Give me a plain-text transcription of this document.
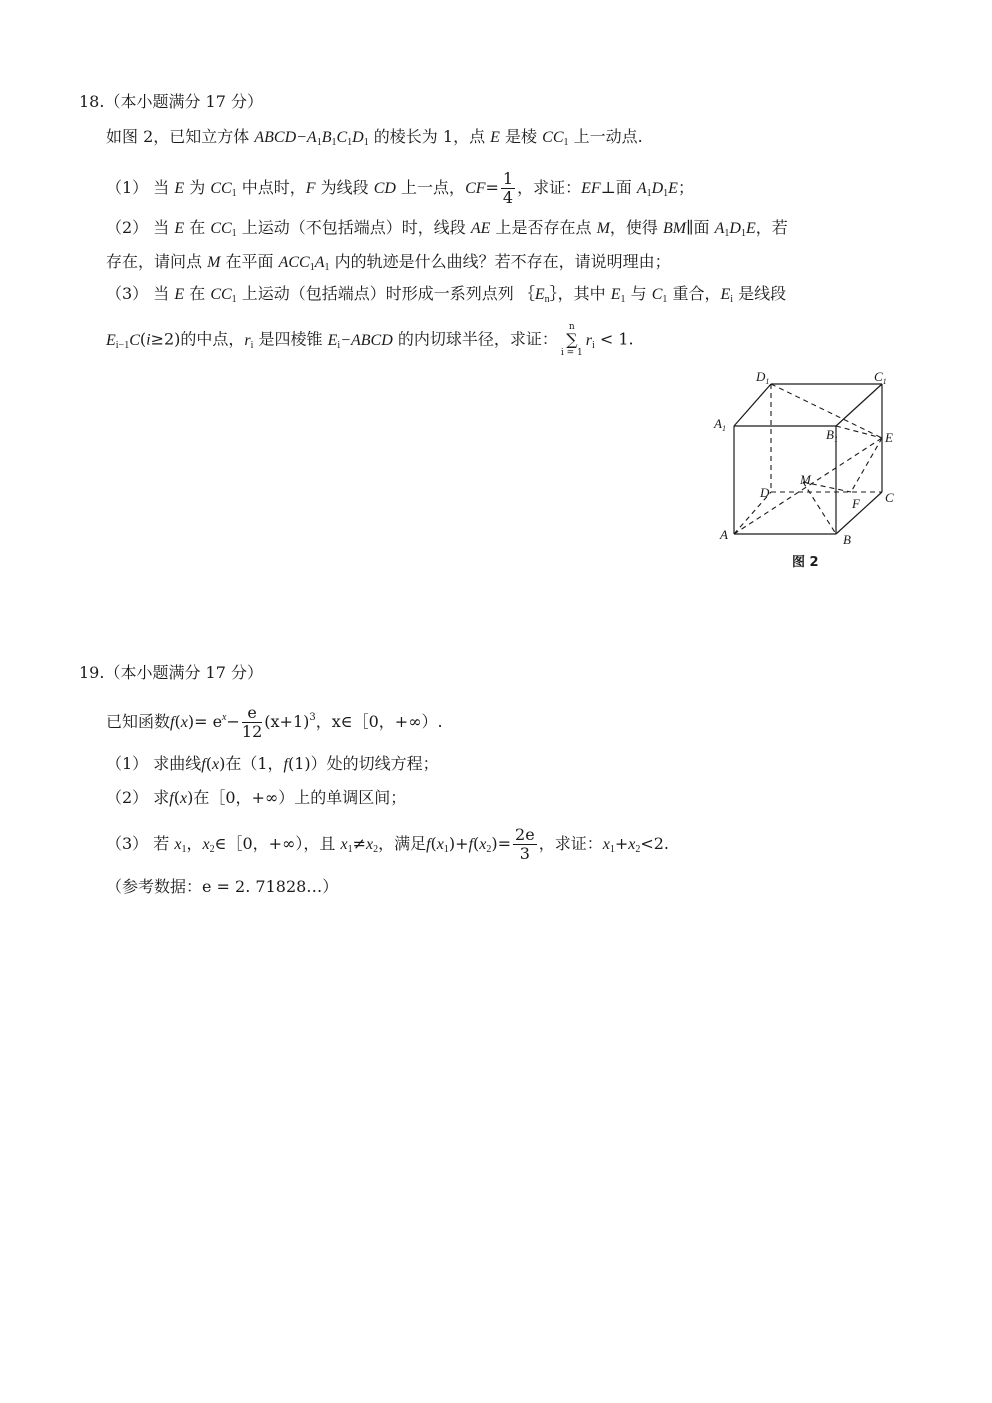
18.（本小题满分 17 分）
如图 2，已知立方体 $ABCD-A_1B_1C_1D_1$ 的棱长为 1，点 E 是棱 $CC_1$ 上一动点.
（1） 当 E 为 $CC_1$ 中点时，F 为线段 CD 上一点，$CF= \frac{1}{4}$ ，求证：EF⊥面 $A_1D_1E$；
（2） 当 E 在 $CC_1$ 上运动（不包括端点）时，线段 AE 上是否存在点 M，使得 BM∥面 $A_1D_1E$，若
存在，请问点 M 在平面 $ACC_1A_1$ 内的轨迹是什么曲线？若不存在，请说明理由；
（3） 当 E 在 $CC_1$ 上运动（包括端点）时形成一系列点列 $\{E_n\}$，其中 $E_1$ 与 $C_1$ 重合，$E_i$ 是线段
$E_{i-1}C(i\ge 2)$的中点，$r_i$ 是四棱锥 $E_i-ABCD$ 的内切球半径，求证：
n
∑
i = 1
$r_i < 1$.
$D_1$	$C_1$
$A_1$	$B_1$	E
M
D	C
F
A	B
图 2
19.（本小题满分 17 分）
已知函数$f(x)= e^x- \frac{e}{12} (x+1)^3$，x∈［0，+∞）.
（1） 求曲线f(x)在（1，f(1)）处的切线方程；
（2） 求f(x)在［0，+∞）上的单调区间；
（3） 若 $x_1$，$x_2\in[0$，+∞），且 $x_1\ne x_2$，满足$f(x_1)+f(x_2)= \frac{2e}{3}$ ，求证：$x_1+x_2<2$.
（参考数据：e = 2. 71828…）
